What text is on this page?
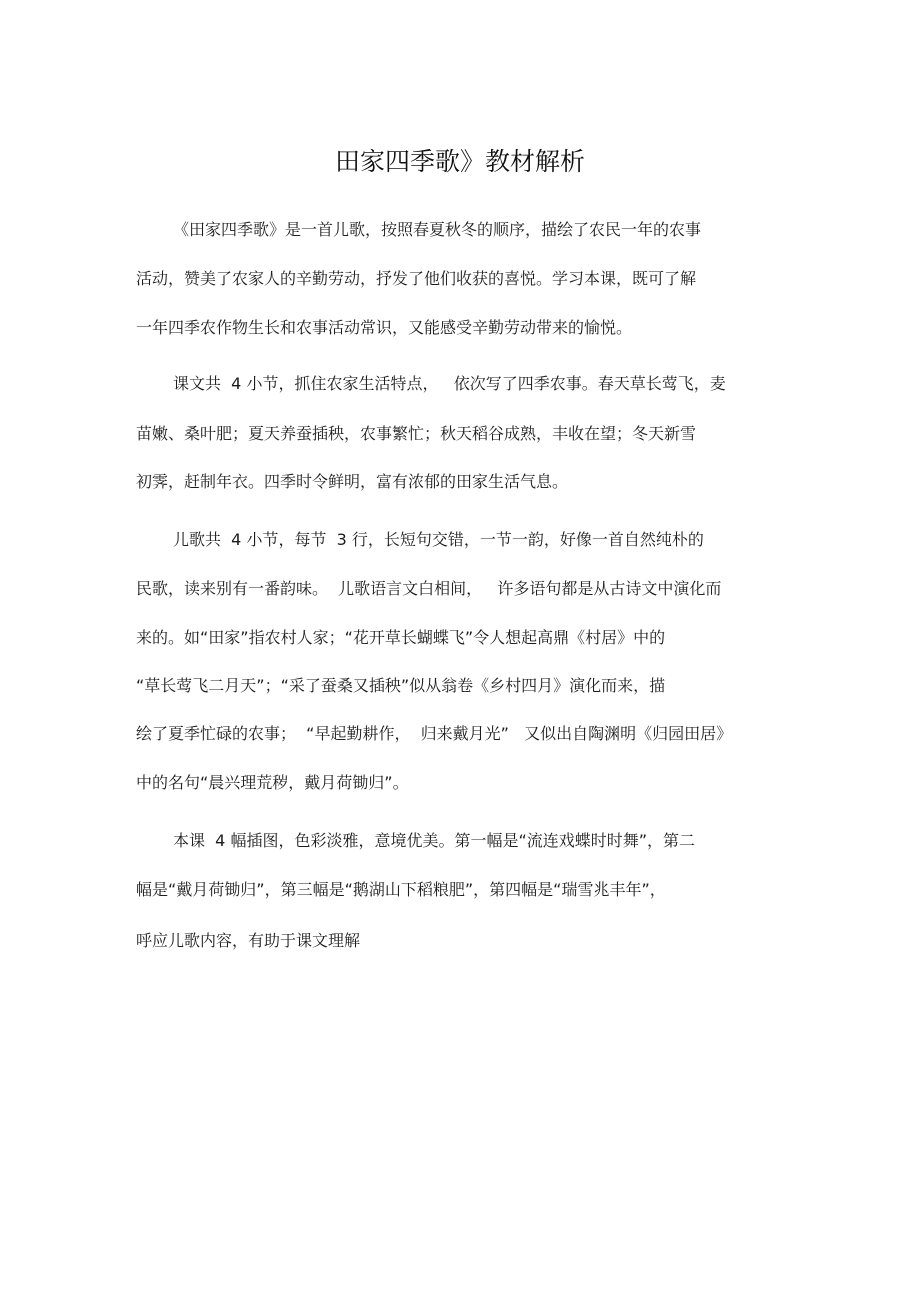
田家四季歌》教材解析
《田家四季歌》是一首儿歌，按照春夏秋冬的顺序，描绘了农民一年的农事
活动，赞美了农家人的辛勤劳动，抒发了他们收获的喜悦。学习本课，既可了解
一年四季农作物生长和农事活动常识，又能感受辛勤劳动带来的愉悦。
课文共  4 小节，抓住农家生活特点，   依次写了四季农事。春天草长莺飞，麦
苗嫩、桑叶肥；夏天养蚕插秧，农事繁忙；秋天稻谷成熟，丰收在望；冬天新雪
初霁，赶制年衣。四季时令鲜明，富有浓郁的田家生活气息。
儿歌共  4 小节，每节  3 行，长短句交错，一节一韵，好像一首自然纯朴的
民歌，读来别有一番韵味。  儿歌语言文白相间，   许多语句都是从古诗文中演化而
来的。如“田家”指农村人家；“花开草长蝴蝶飞”令人想起高鼎《村居》中的
“草长莺飞二月天”；“采了蚕桑又插秧”似从翁卷《乡村四月》演化而来，描
绘了夏季忙碌的农事；  “早起勤耕作，  归来戴月光”   又似出自陶渊明《归园田居》
中的名句“晨兴理荒秽，戴月荷锄归”。
本课  4 幅插图，色彩淡雅，意境优美。第一幅是“流连戏蝶时时舞”，第二
幅是“戴月荷锄归”，第三幅是“鹅湖山下稻粮肥”，第四幅是“瑞雪兆丰年”，
呼应儿歌内容，有助于课文理解
